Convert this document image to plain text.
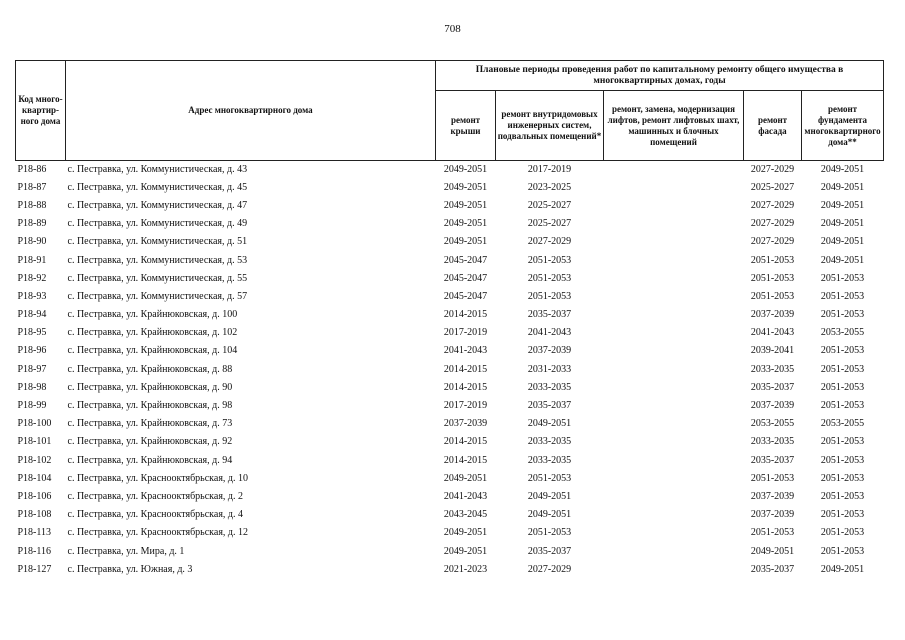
708
Код много-квартир-ного дома	Адрес многоквартирного дома	Плановые периоды проведения работ по капитальному ремонту общего имущества в многоквартирных домах, годы				
		ремонт крыши	ремонт внутридомовых инженерных систем, подвальных помещений*	ремонт, замена, модернизация лифтов, ремонт лифтовых шахт, машинных и блочных помещений	ремонт фасада	ремонт фундамента многоквартирного дома**
Р18-86	с. Пестравка, ул. Коммунистическая, д. 43	2049-2051	2017-2019		2027-2029	2049-2051
Р18-87	с. Пестравка, ул. Коммунистическая, д. 45	2049-2051	2023-2025		2025-2027	2049-2051
Р18-88	с. Пестравка, ул. Коммунистическая, д. 47	2049-2051	2025-2027		2027-2029	2049-2051
Р18-89	с. Пестравка, ул. Коммунистическая, д. 49	2049-2051	2025-2027		2027-2029	2049-2051
Р18-90	с. Пестравка, ул. Коммунистическая, д. 51	2049-2051	2027-2029		2027-2029	2049-2051
Р18-91	с. Пестравка, ул. Коммунистическая, д. 53	2045-2047	2051-2053		2051-2053	2049-2051
Р18-92	с. Пестравка, ул. Коммунистическая, д. 55	2045-2047	2051-2053		2051-2053	2051-2053
Р18-93	с. Пестравка, ул. Коммунистическая, д. 57	2045-2047	2051-2053		2051-2053	2051-2053
Р18-94	с. Пестравка, ул. Крайнюковская, д. 100	2014-2015	2035-2037		2037-2039	2051-2053
Р18-95	с. Пестравка, ул. Крайнюковская, д. 102	2017-2019	2041-2043		2041-2043	2053-2055
Р18-96	с. Пестравка, ул. Крайнюковская, д. 104	2041-2043	2037-2039		2039-2041	2051-2053
Р18-97	с. Пестравка, ул. Крайнюковская, д. 88	2014-2015	2031-2033		2033-2035	2051-2053
Р18-98	с. Пестравка, ул. Крайнюковская, д. 90	2014-2015	2033-2035		2035-2037	2051-2053
Р18-99	с. Пестравка, ул. Крайнюковская, д. 98	2017-2019	2035-2037		2037-2039	2051-2053
Р18-100	с. Пестравка, ул. Крайнюковская, д. 73	2037-2039	2049-2051		2053-2055	2053-2055
Р18-101	с. Пестравка, ул. Крайнюковская, д. 92	2014-2015	2033-2035		2033-2035	2051-2053
Р18-102	с. Пестравка, ул. Крайнюковская, д. 94	2014-2015	2033-2035		2035-2037	2051-2053
Р18-104	с. Пестравка, ул. Краснооктябрьская, д. 10	2049-2051	2051-2053		2051-2053	2051-2053
Р18-106	с. Пестравка, ул. Краснооктябрьская, д. 2	2041-2043	2049-2051		2037-2039	2051-2053
Р18-108	с. Пестравка, ул. Краснооктябрьская, д. 4	2043-2045	2049-2051		2037-2039	2051-2053
Р18-113	с. Пестравка, ул. Краснооктябрьская, д. 12	2049-2051	2051-2053		2051-2053	2051-2053
Р18-116	с. Пестравка, ул. Мира, д. 1	2049-2051	2035-2037		2049-2051	2051-2053
Р18-127	с. Пестравка, ул. Южная, д. 3	2021-2023	2027-2029		2035-2037	2049-2051
